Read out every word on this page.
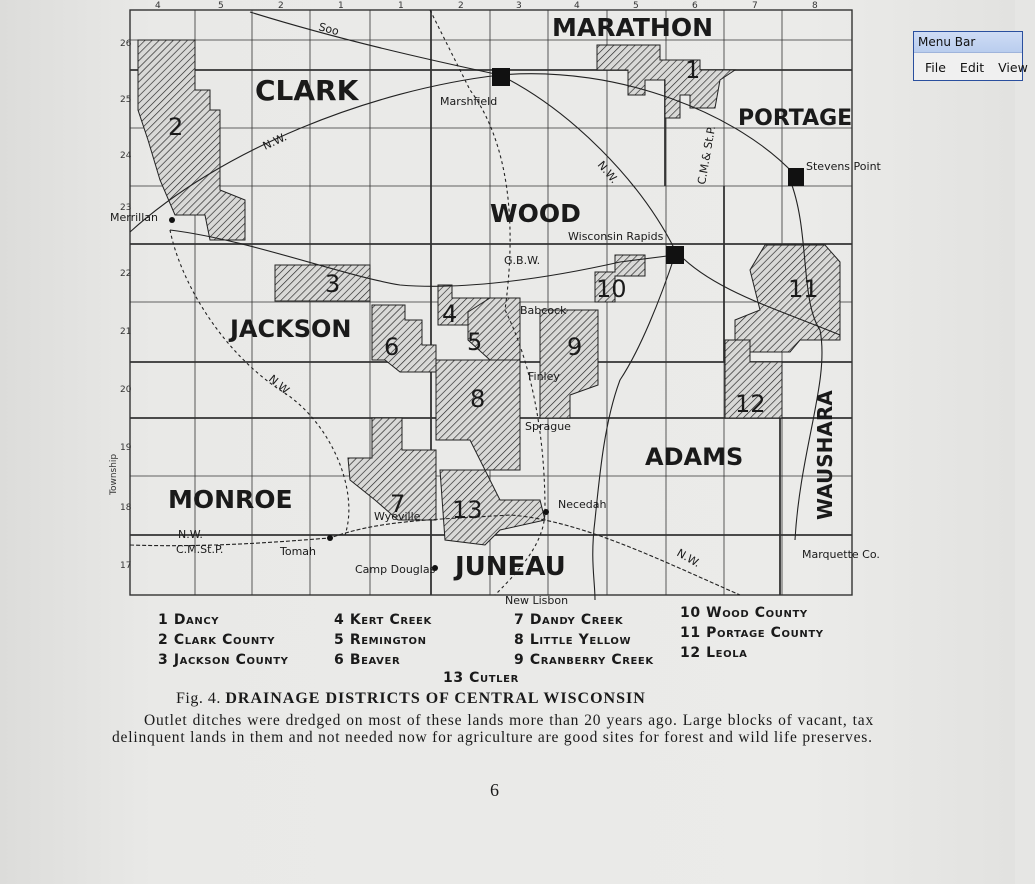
4	5	2	1	1	2	3	4	5	6	7	8
26
25
24
23
22
21
20
19
18
17
Township
MARATHON
CLARK
PORTAGE
WOOD
JACKSON
ADAMS
MONROE
JUNEAU
WAUSHARA
Marshfield
Stevens Point
Wisconsin Rapids
Merrillan
Babcock
Finley
Sprague
Necedah
Tomah
Camp Douglas
New Lisbon
Wyeville
Marquette Co.
N.W.
Soo
G.B.W.
N.W.
N.W.
N.W.
N.W.
C.M.St.P.
C.M.& St.P.
1
2
3
4
5
6
7
8
9
10	11
12
13
1 Dancy
2 Clark County
3 Jackson County
4 Kert Creek
5 Remington
6 Beaver
7 Dandy Creek
8 Little Yellow
9 Cranberry Creek
10 Wood County
11 Portage County
12 Leola
13 Cutler
Fig. 4. DRAINAGE DISTRICTS OF CENTRAL WISCONSIN
Outlet ditches were dredged on most of these lands more than 20 years ago. Large blocks of vacant, tax delinquent lands in them and not needed now for agriculture are good sites for forest and wild life preserves.
6
Menu Bar
File	Edit	View
